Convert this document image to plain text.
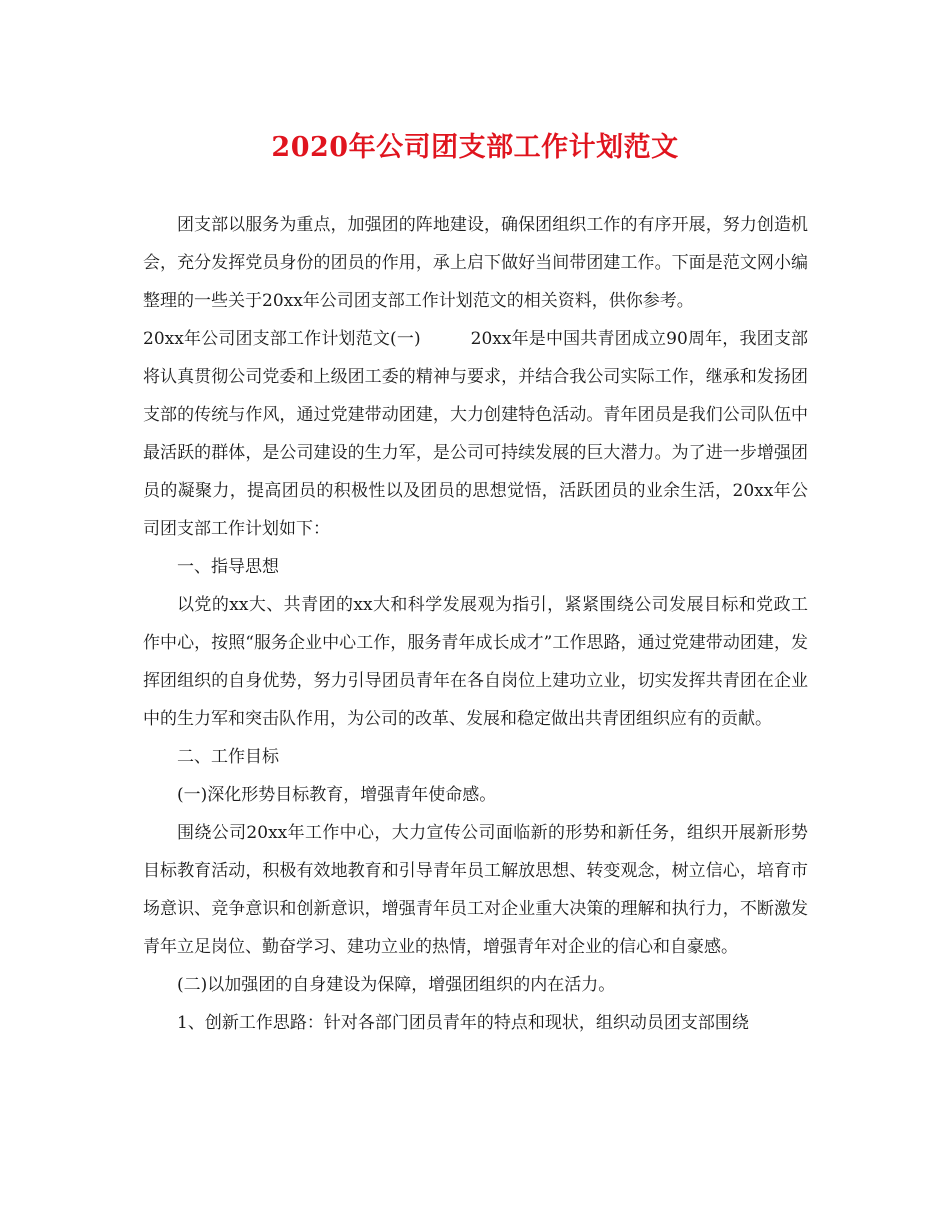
2020年公司团支部工作计划范文

团支部以服务为重点，加强团的阵地建设，确保团组织工作的有序开展，努力创造机会，充分发挥党员身份的团员的作用，承上启下做好当间带团建工作。下面是范文网小编整理的一些关于20xx年公司团支部工作计划范文的相关资料，供你参考。

20xx年公司团支部工作计划范文(一)	20xx年是中国共青团成立90周年，我团支部将认真贯彻公司党委和上级团工委的精神与要求，并结合我公司实际工作，继承和发扬团支部的传统与作风，通过党建带动团建，大力创建特色活动。青年团员是我们公司队伍中最活跃的群体，是公司建设的生力军，是公司可持续发展的巨大潜力。为了进一步增强团员的凝聚力，提高团员的积极性以及团员的思想觉悟，活跃团员的业余生活，20xx年公司团支部工作计划如下：

一、指导思想

以党的xx大、共青团的xx大和科学发展观为指引，紧紧围绕公司发展目标和党政工作中心，按照“服务企业中心工作，服务青年成长成才”工作思路，通过党建带动团建，发挥团组织的自身优势，努力引导团员青年在各自岗位上建功立业，切实发挥共青团在企业中的生力军和突击队作用，为公司的改革、发展和稳定做出共青团组织应有的贡献。

二、工作目标

(一)深化形势目标教育，增强青年使命感。

围绕公司20xx年工作中心，大力宣传公司面临新的形势和新任务，组织开展新形势目标教育活动，积极有效地教育和引导青年员工解放思想、转变观念，树立信心，培育市场意识、竞争意识和创新意识，增强青年员工对企业重大决策的理解和执行力，不断激发青年立足岗位、勤奋学习、建功立业的热情，增强青年对企业的信心和自豪感。

(二)以加强团的自身建设为保障，增强团组织的内在活力。

1、创新工作思路：针对各部门团员青年的特点和现状，组织动员团支部围绕
